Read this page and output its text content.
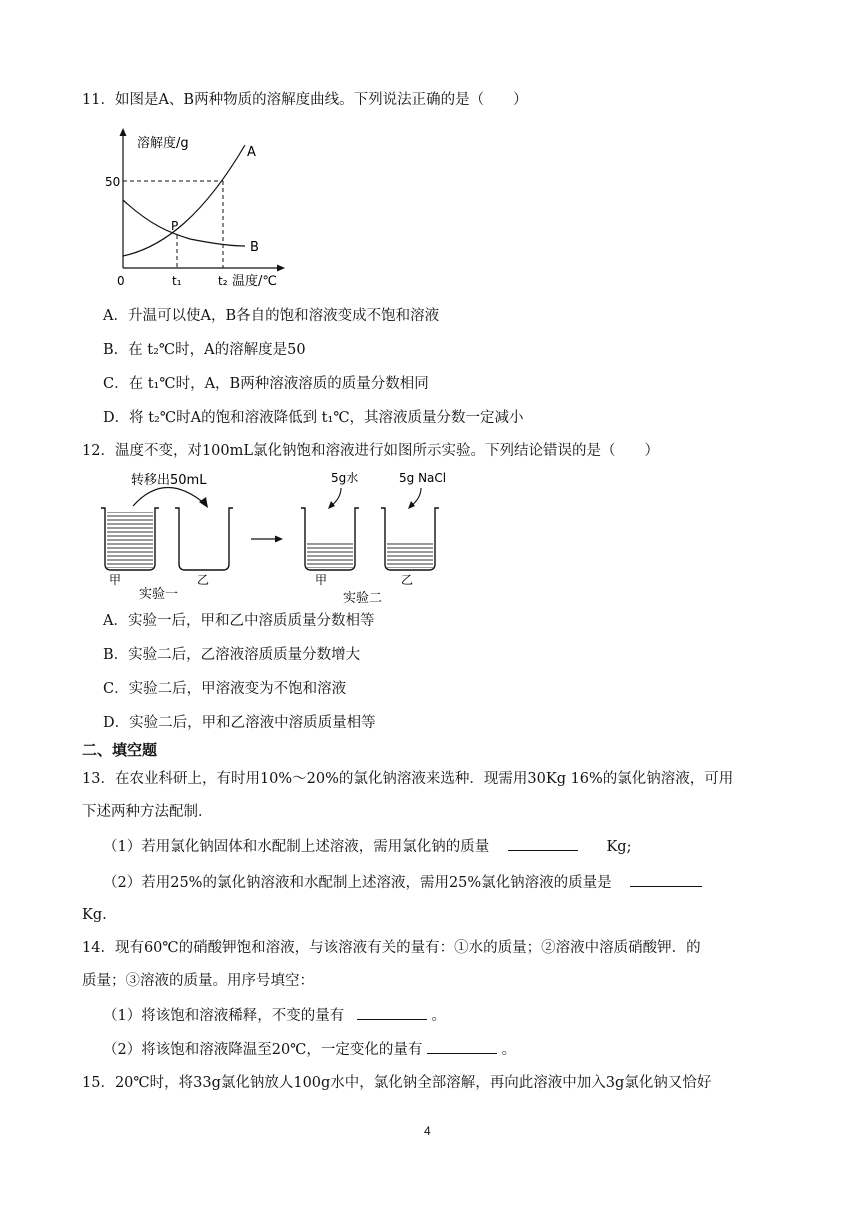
11．如图是A、B两种物质的溶解度曲线。下列说法正确的是（　　）
溶解度/g
50
0	t₁	t₂ 温度/℃
P
A
B
A．升温可以使A，B各自的饱和溶液变成不饱和溶液
B．在 t₂℃时，A的溶解度是50
C．在 t₁℃时，A，B两种溶液溶质的质量分数相同
D．将 t₂℃时A的饱和溶液降低到 t₁℃，其溶液质量分数一定减小
12．温度不变，对100mL氯化钠饱和溶液进行如图所示实验。下列结论错误的是（　　）
转移出50mL
甲	乙
实验一
5g水	5g NaCl
甲	乙
实验二
A．实验一后，甲和乙中溶质质量分数相等
B．实验二后，乙溶液溶质质量分数增大
C．实验二后，甲溶液变为不饱和溶液
D．实验二后，甲和乙溶液中溶质质量相等
二、填空题
13．在农业科研上，有时用10%～20%的氯化钠溶液来选种．现需用30Kg 16%的氯化钠溶液，可用
下述两种方法配制．
（1）若用氯化钠固体和水配制上述溶液，需用氯化钠的质量	Kg;
（2）若用25%的氯化钠溶液和水配制上述溶液，需用25%氯化钠溶液的质量是
Kg.
14．现有60℃的硝酸钾饱和溶液，与该溶液有关的量有：①水的质量；②溶液中溶质硝酸钾．的
质量；③溶液的质量。用序号填空：
（1）将该饱和溶液稀释，不变的量有	。
（2）将该饱和溶液降温至20℃，一定变化的量有	。
15．20℃时，将33g氯化钠放人100g水中，氯化钠全部溶解，再向此溶液中加入3g氯化钠又恰好
4
